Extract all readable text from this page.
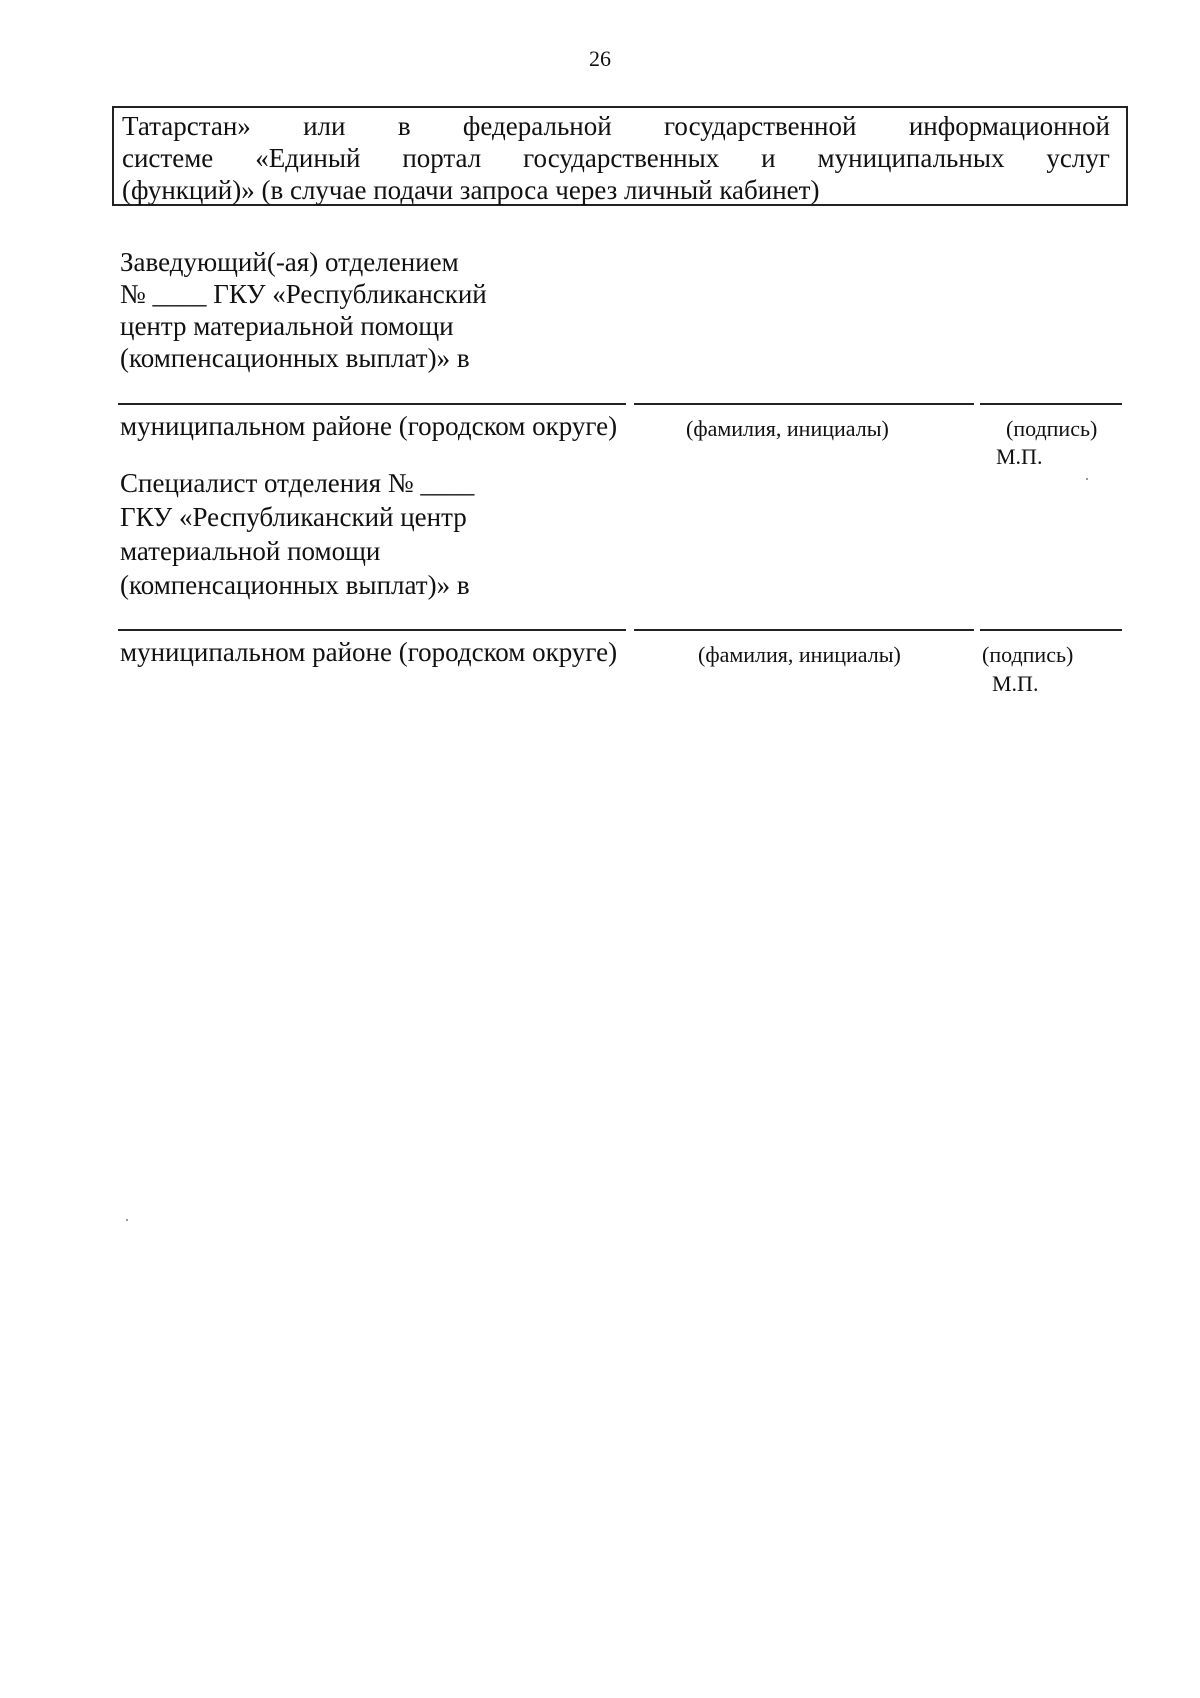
26
Татарстан» или в федеральной государственной информационной
системе «Единый портал государственных и муниципальных услуг
(функций)» (в случае подачи запроса через личный кабинет)
Заведующий(-ая) отделением
№ ____ ГКУ «Республиканский
центр материальной помощи
(компенсационных выплат)» в
муниципальном районе (городском округе)	(фамилия, инициалы)	(подпись)
М.П.
Специалист отделения № ____
ГКУ «Республиканский центр
материальной помощи
(компенсационных выплат)» в
муниципальном районе (городском округе)	(фамилия, инициалы)	(подпись)
М.П.
